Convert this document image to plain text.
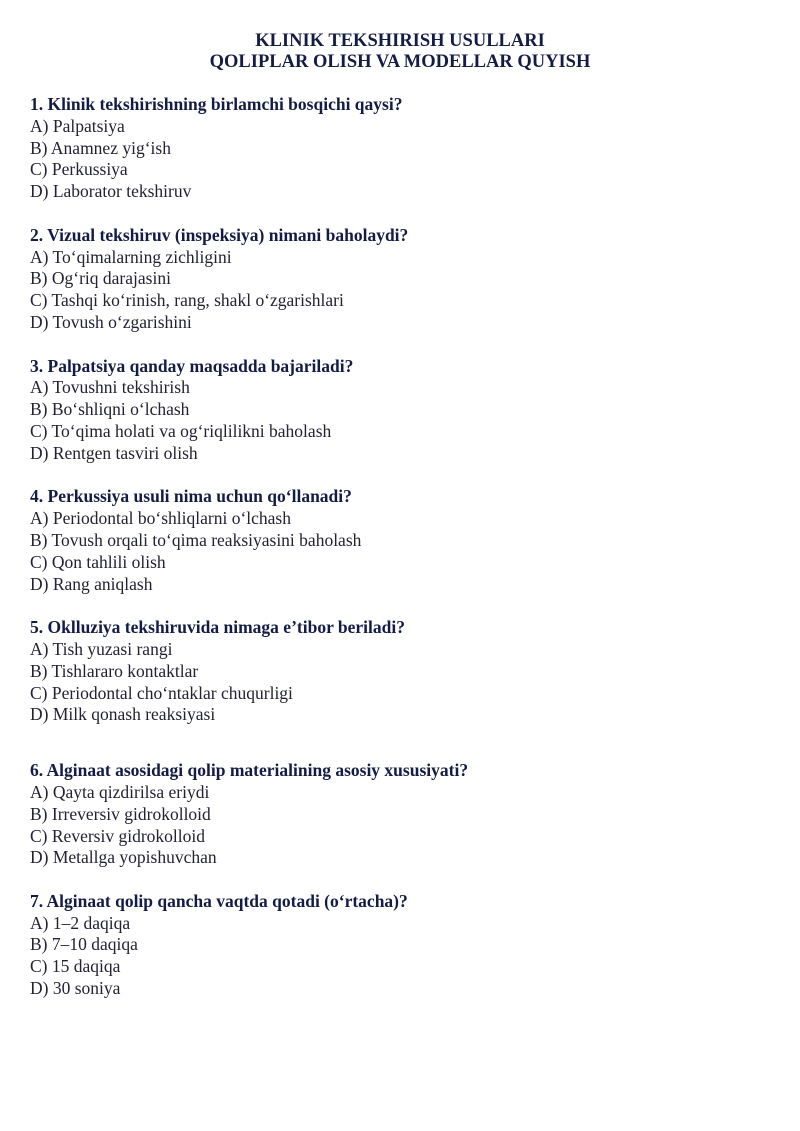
KLINIK TEKSHIRISH USULLARI
QOLIPLAR OLISH VA MODELLAR QUYISH
1. Klinik tekshirishning birlamchi bosqichi qaysi?
A) Palpatsiya
B) Anamnez yig‘ish
C) Perkussiya
D) Laborator tekshiruv
2. Vizual tekshiruv (inspeksiya) nimani baholaydi?
A) To‘qimalarning zichligini
B) Og‘riq darajasini
C) Tashqi ko‘rinish, rang, shakl o‘zgarishlari
D) Tovush o‘zgarishini
3. Palpatsiya qanday maqsadda bajariladi?
A) Tovushni tekshirish
B) Bo‘shliqni o‘lchash
C) To‘qima holati va og‘riqlilikni baholash
D) Rentgen tasviri olish
4. Perkussiya usuli nima uchun qo‘llanadi?
A) Periodontal bo‘shliqlarni o‘lchash
B) Tovush orqali to‘qima reaksiyasini baholash
C) Qon tahlili olish
D) Rang aniqlash
5. Oklluziya tekshiruvida nimaga e’tibor beriladi?
A) Tish yuzasi rangi
B) Tishlararo kontaktlar
C) Periodontal cho‘ntaklar chuqurligi
D) Milk qonash reaksiyasi
6. Alginaat asosidagi qolip materialining asosiy xususiyati?
A) Qayta qizdirilsa eriydi
B) Irreversiv gidrokolloid
C) Reversiv gidrokolloid
D) Metallga yopishuvchan
7. Alginaat qolip qancha vaqtda qotadi (o‘rtacha)?
A) 1–2 daqiqa
B) 7–10 daqiqa
C) 15 daqiqa
D) 30 soniya
